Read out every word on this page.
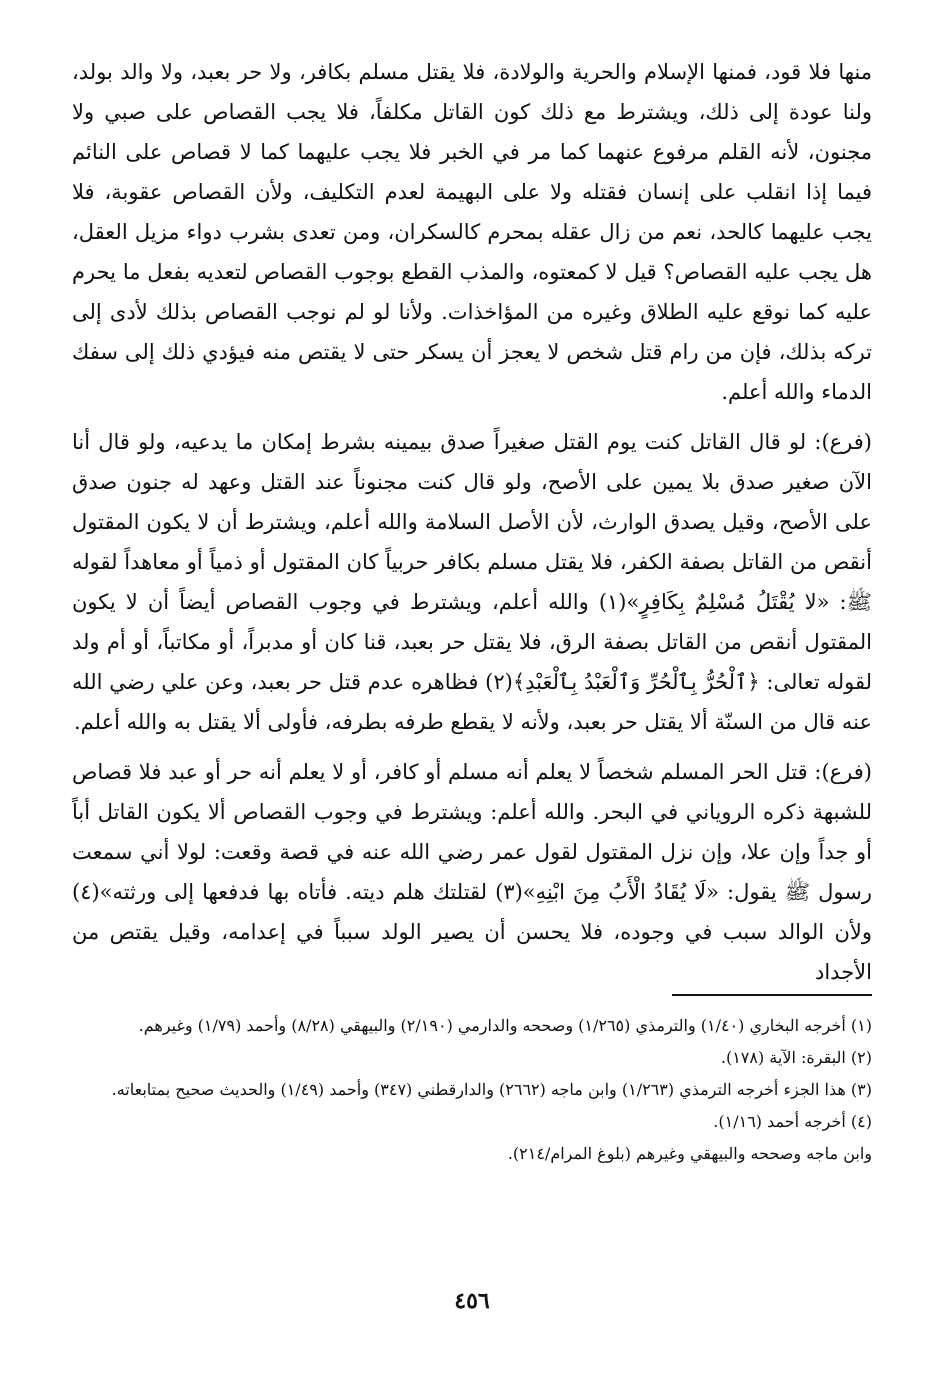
منها فلا قود، فمنها الإسلام والحرية والولادة، فلا يقتل مسلم بكافر، ولا حر بعبد، ولا والد بولد، ولنا عودة إلى ذلك، ويشترط مع ذلك كون القاتل مكلفاً، فلا يجب القصاص على صبي ولا مجنون، لأنه القلم مرفوع عنهما كما مر في الخبر فلا يجب عليهما كما لا قصاص على النائم فيما إذا انقلب على إنسان فقتله ولا على البهيمة لعدم التكليف، ولأن القصاص عقوبة، فلا يجب عليهما كالحد، نعم من زال عقله بمحرم كالسكران، ومن تعدى بشرب دواء مزيل العقل، هل يجب عليه القصاص؟ قيل لا كمعتوه، والمذب القطع بوجوب القصاص لتعديه بفعل ما يحرم عليه كما نوقع عليه الطلاق وغيره من المؤاخذات. ولأنا لو لم نوجب القصاص بذلك لأدى إلى تركه بذلك، فإن من رام قتل شخص لا يعجز أن يسكر حتى لا يقتص منه فيؤدي ذلك إلى سفك الدماء والله أعلم.

(فرع): لو قال القاتل كنت يوم القتل صغيراً صدق بيمينه بشرط إمكان ما يدعيه، ولو قال أنا الآن صغير صدق بلا يمين على الأصح، ولو قال كنت مجنوناً عند القتل وعهد له جنون صدق على الأصح، وقيل يصدق الوارث، لأن الأصل السلامة والله أعلم، ويشترط أن لا يكون المقتول أنقص من القاتل بصفة الكفر، فلا يقتل مسلم بكافر حربياً كان المقتول أو ذمياً أو معاهداً لقوله ﷺ: «لا يُقْتَلُ مُسْلِمٌ بِكَافِرٍ»(١) والله أعلم، ويشترط في وجوب القصاص أيضاً أن لا يكون المقتول أنقص من القاتل بصفة الرق، فلا يقتل حر بعبد، قنا كان أو مدبراً، أو مكاتباً، أو أم ولد لقوله تعالى: ﴿ٱلْحُرُّ بِٱلْحُرِّ وَٱلْعَبْدُ بِٱلْعَبْدِ﴾(٢) فظاهره عدم قتل حر بعبد، وعن علي رضي الله عنه قال من السنّة ألا يقتل حر بعبد، ولأنه لا يقطع طرفه بطرفه، فأولى ألا يقتل به والله أعلم.

(فرع): قتل الحر المسلم شخصاً لا يعلم أنه مسلم أو كافر، أو لا يعلم أنه حر أو عبد فلا قصاص للشبهة ذكره الروياني في البحر. والله أعلم: ويشترط في وجوب القصاص ألا يكون القاتل أباً أو جداً وإن علا، وإن نزل المقتول لقول عمر رضي الله عنه في قصة وقعت: لولا أني سمعت رسول ﷺ يقول: «لَا يُقَادُ الْأَبُ مِنَ ابْنِهِ»(٣) لقتلتك هلم ديته. فأتاه بها فدفعها إلى ورثته»(٤) ولأن الوالد سبب في وجوده، فلا يحسن أن يصير الولد سبباً في إعدامه، وقيل يقتص من الأجداد

(١) أخرجه البخاري (١/٤٠) والترمذي (١/٢٦٥) وصححه والدارمي (٢/١٩٠) والبيهقي (٨/٢٨) وأحمد (١/٧٩) وغيرهم.

(٢) البقرة: الآية (١٧٨).

(٣) هذا الجزء أخرجه الترمذي (١/٢٦٣) وابن ماجه (٢٦٦٢) والدارقطني (٣٤٧) وأحمد (١/٤٩) والحديث صحيح بمتابعاته.

(٤) أخرجه أحمد (١/١٦).

وابن ماجه وصححه والبيهقي وغيرهم (بلوغ المرام/٢١٤).

٤٥٦
